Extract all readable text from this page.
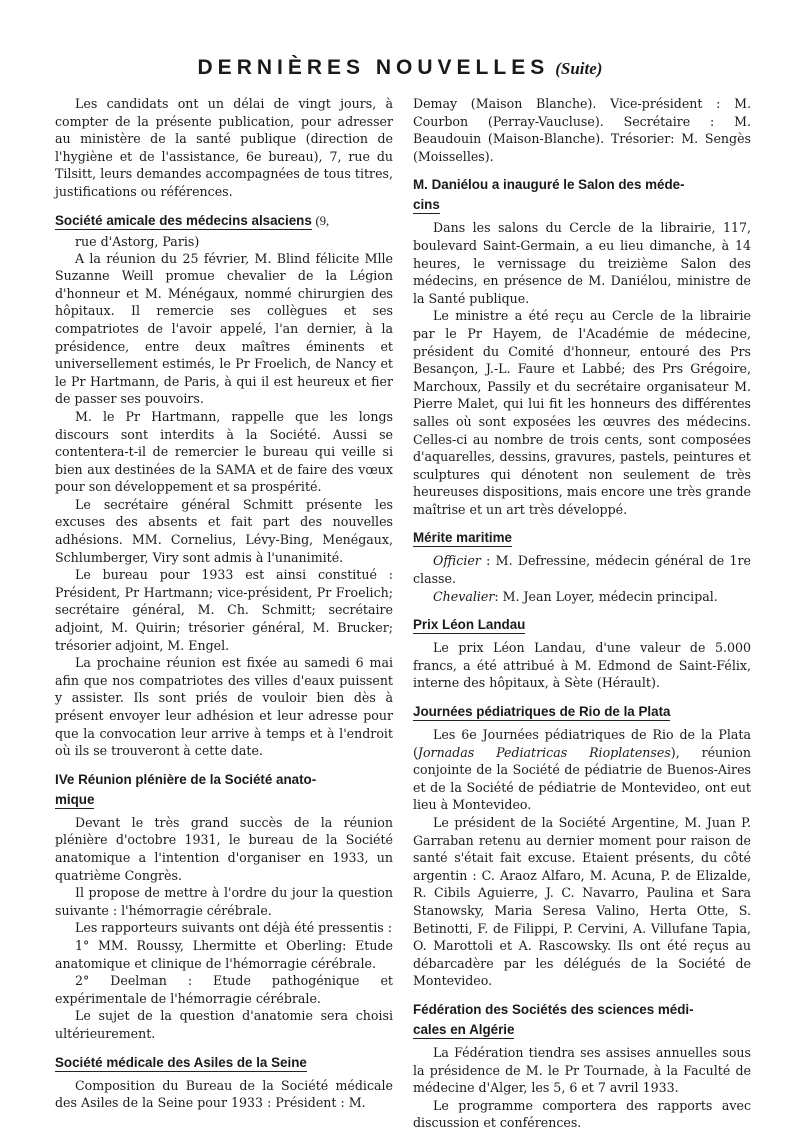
DERNIÈRES NOUVELLES (Suite)

Les candidats ont un délai de vingt jours, à compter de la présente publication, pour adresser au ministère de la santé publique (direction de l'hygiène et de l'assistance, 6e bureau), 7, rue du Tilsitt, leurs demandes accompagnées de tous titres, justifications ou références.

Société amicale des médecins alsaciens (9,
rue d'Astorg, Paris)

A la réunion du 25 février, M. Blind félicite Mlle Suzanne Weill promue chevalier de la Légion d'honneur et M. Ménégaux, nommé chirurgien des hôpitaux. Il remercie ses collègues et ses compatriotes de l'avoir appelé, l'an dernier, à la présidence, entre deux maîtres éminents et universellement estimés, le Pr Froelich, de Nancy et le Pr Hartmann, de Paris, à qui il est heureux et fier de passer ses pouvoirs.

M. le Pr Hartmann, rappelle que les longs discours sont interdits à la Société. Aussi se contentera-t-il de remercier le bureau qui veille si bien aux destinées de la SAMA et de faire des vœux pour son développement et sa prospérité.

Le secrétaire général Schmitt présente les excuses des absents et fait part des nouvelles adhésions. MM. Cornelius, Lévy-Bing, Menégaux, Schlumberger, Viry sont admis à l'unanimité.

Le bureau pour 1933 est ainsi constitué : Président, Pr Hartmann; vice-président, Pr Froelich; secrétaire général, M. Ch. Schmitt; secrétaire adjoint, M. Quirin; trésorier général, M. Brucker; trésorier adjoint, M. Engel.

La prochaine réunion est fixée au samedi 6 mai afin que nos compatriotes des villes d'eaux puissent y assister. Ils sont priés de vouloir bien dès à présent envoyer leur adhésion et leur adresse pour que la convocation leur arrive à temps et à l'endroit où ils se trouveront à cette date.

IVe Réunion plénière de la Société anato-
mique

Devant le très grand succès de la réunion plénière d'octobre 1931, le bureau de la Société anatomique a l'intention d'organiser en 1933, un quatrième Congrès.

Il propose de mettre à l'ordre du jour la question suivante : l'hémorragie cérébrale.

Les rapporteurs suivants ont déjà été pressentis :

1° MM. Roussy, Lhermitte et Oberling: Etude anatomique et clinique de l'hémorragie cérébrale.

2° Deelman : Etude pathogénique et expérimentale de l'hémorragie cérébrale.

Le sujet de la question d'anatomie sera choisi ultérieurement.

Société médicale des Asiles de la Seine

Composition du Bureau de la Société médicale des Asiles de la Seine pour 1933 : Président : M.

Demay (Maison Blanche). Vice-président : M. Courbon (Perray-Vaucluse). Secrétaire : M. Beaudouin (Maison-Blanche). Trésorier: M. Sengès (Moisselles).

M. Daniélou a inauguré le Salon des méde-
cins

Dans les salons du Cercle de la librairie, 117, boulevard Saint-Germain, a eu lieu dimanche, à 14 heures, le vernissage du treizième Salon des médecins, en présence de M. Daniélou, ministre de la Santé publique.

Le ministre a été reçu au Cercle de la librairie par le Pr Hayem, de l'Académie de médecine, président du Comité d'honneur, entouré des Prs Besançon, J.-L. Faure et Labbé; des Prs Grégoire, Marchoux, Passily et du secrétaire organisateur M. Pierre Malet, qui lui fit les honneurs des différentes salles où sont exposées les œuvres des médecins. Celles-ci au nombre de trois cents, sont composées d'aquarelles, dessins, gravures, pastels, peintures et sculptures qui dénotent non seulement de très heureuses dispositions, mais encore une très grande maîtrise et un art très développé.

Mérite maritime

Officier : M. Defressine, médecin général de 1re classe.

Chevalier: M. Jean Loyer, médecin principal.

Prix Léon Landau

Le prix Léon Landau, d'une valeur de 5.000 francs, a été attribué à M. Edmond de Saint-Félix, interne des hôpitaux, à Sète (Hérault).

Journées pédiatriques de Rio de la Plata

Les 6e Journées pédiatriques de Rio de la Plata (Jornadas Pediatricas Rioplatenses), réunion conjointe de la Société de pédiatrie de Buenos-Aires et de la Société de pédiatrie de Montevideo, ont eut lieu à Montevideo.

Le président de la Société Argentine, M. Juan P. Garraban retenu au dernier moment pour raison de santé s'était fait excuse. Etaient présents, du côté argentin : C. Araoz Alfaro, M. Acuna, P. de Elizalde, R. Cibils Aguierre, J. C. Navarro, Paulina et Sara Stanowsky, Maria Seresa Valino, Herta Otte, S. Betinotti, F. de Filippi, P. Cervini, A. Villufane Tapia, O. Marottoli et A. Rascowsky. Ils ont été reçus au débarcadère par les délégués de la Société de Montevideo.

Fédération des Sociétés des sciences médi-
cales en Algérie

La Fédération tiendra ses assises annuelles sous la présidence de M. le Pr Tournade, à la Faculté de médecine d'Alger, les 5, 6 et 7 avril 1933.

Le programme comportera des rapports avec discussion et conférences.
